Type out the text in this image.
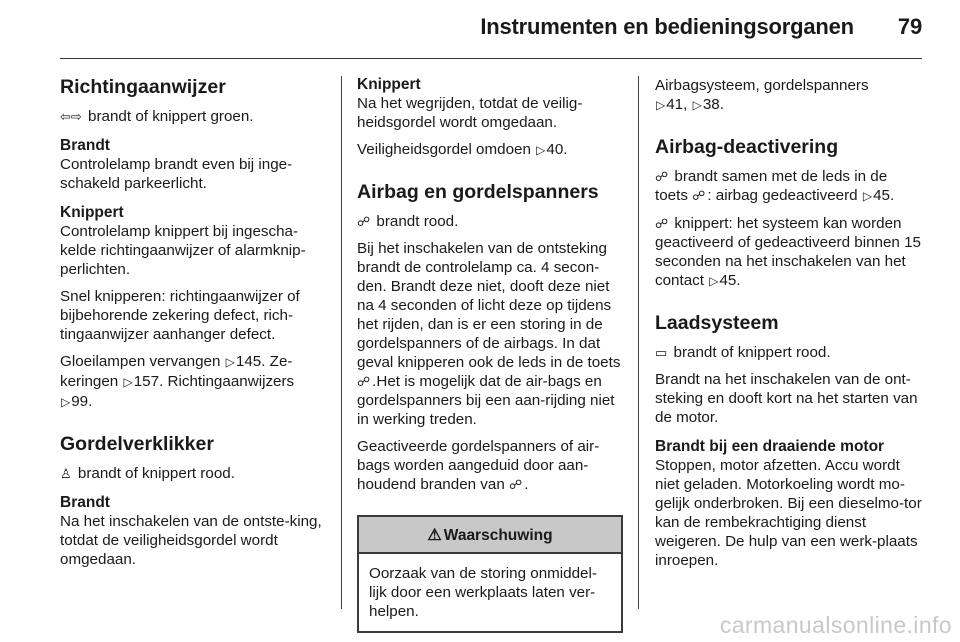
Instrumenten en bedieningsorganen 79
Richtingaanwijzer

⇦⇨ brandt of knippert groen.

Brandt

Controlelamp brandt even bij inge-schakeld parkeerlicht.

Knippert

Controlelamp knippert bij ingescha-kelde richtingaanwijzer of alarmknip-perlichten.

Snel knipperen: richtingaanwijzer of bijbehorende zekering defect, rich-tingaanwijzer aanhanger defect.

Gloeilampen vervangen ▷145. Ze-keringen ▷157. Richtingaanwijzers ▷99.

Gordelverklikker

♙ brandt of knippert rood.

Brandt

Na het inschakelen van de ontste-king, totdat de veiligheidsgordel wordt omgedaan.

Knippert

Na het wegrijden, totdat de veilig-heidsgordel wordt omgedaan.

Veiligheidsgordel omdoen ▷40.

Airbag en gordelspanners

☍ brandt rood.

Bij het inschakelen van de ontsteking brandt de controlelamp ca. 4 secon-den. Brandt deze niet, dooft deze niet na 4 seconden of licht deze op tijdens het rijden, dan is er een storing in de gordelspanners of de airbags. In dat geval knipperen ook de leds in de toets ☍ .Het is mogelijk dat de air-bags en gordelspanners bij een aan-rijding niet in werking treden.

Geactiveerde gordelspanners of air-bags worden aangeduid door aan-houdend branden van ☍ .

⚠ Waarschuwing
Oorzaak van de storing onmiddel-lijk door een werkplaats laten ver-helpen.

Airbagsysteem, gordelspanners
▷41, ▷38.

Airbag-deactivering

☍ brandt samen met de leds in de toets ☍ : airbag gedeactiveerd ▷45.

☍ knippert: het systeem kan worden geactiveerd of gedeactiveerd binnen 15 seconden na het inschakelen van het contact ▷45.

Laadsysteem

▭ brandt of knippert rood.

Brandt na het inschakelen van de ont-steking en dooft kort na het starten van de motor.

Brandt bij een draaiende motor

Stoppen, motor afzetten. Accu wordt niet geladen. Motorkoeling wordt mo-gelijk onderbroken. Bij een dieselmo-tor kan de rembekrachtiging dienst weigeren. De hulp van een werk-plaats inroepen.

carmanualsonline.info
